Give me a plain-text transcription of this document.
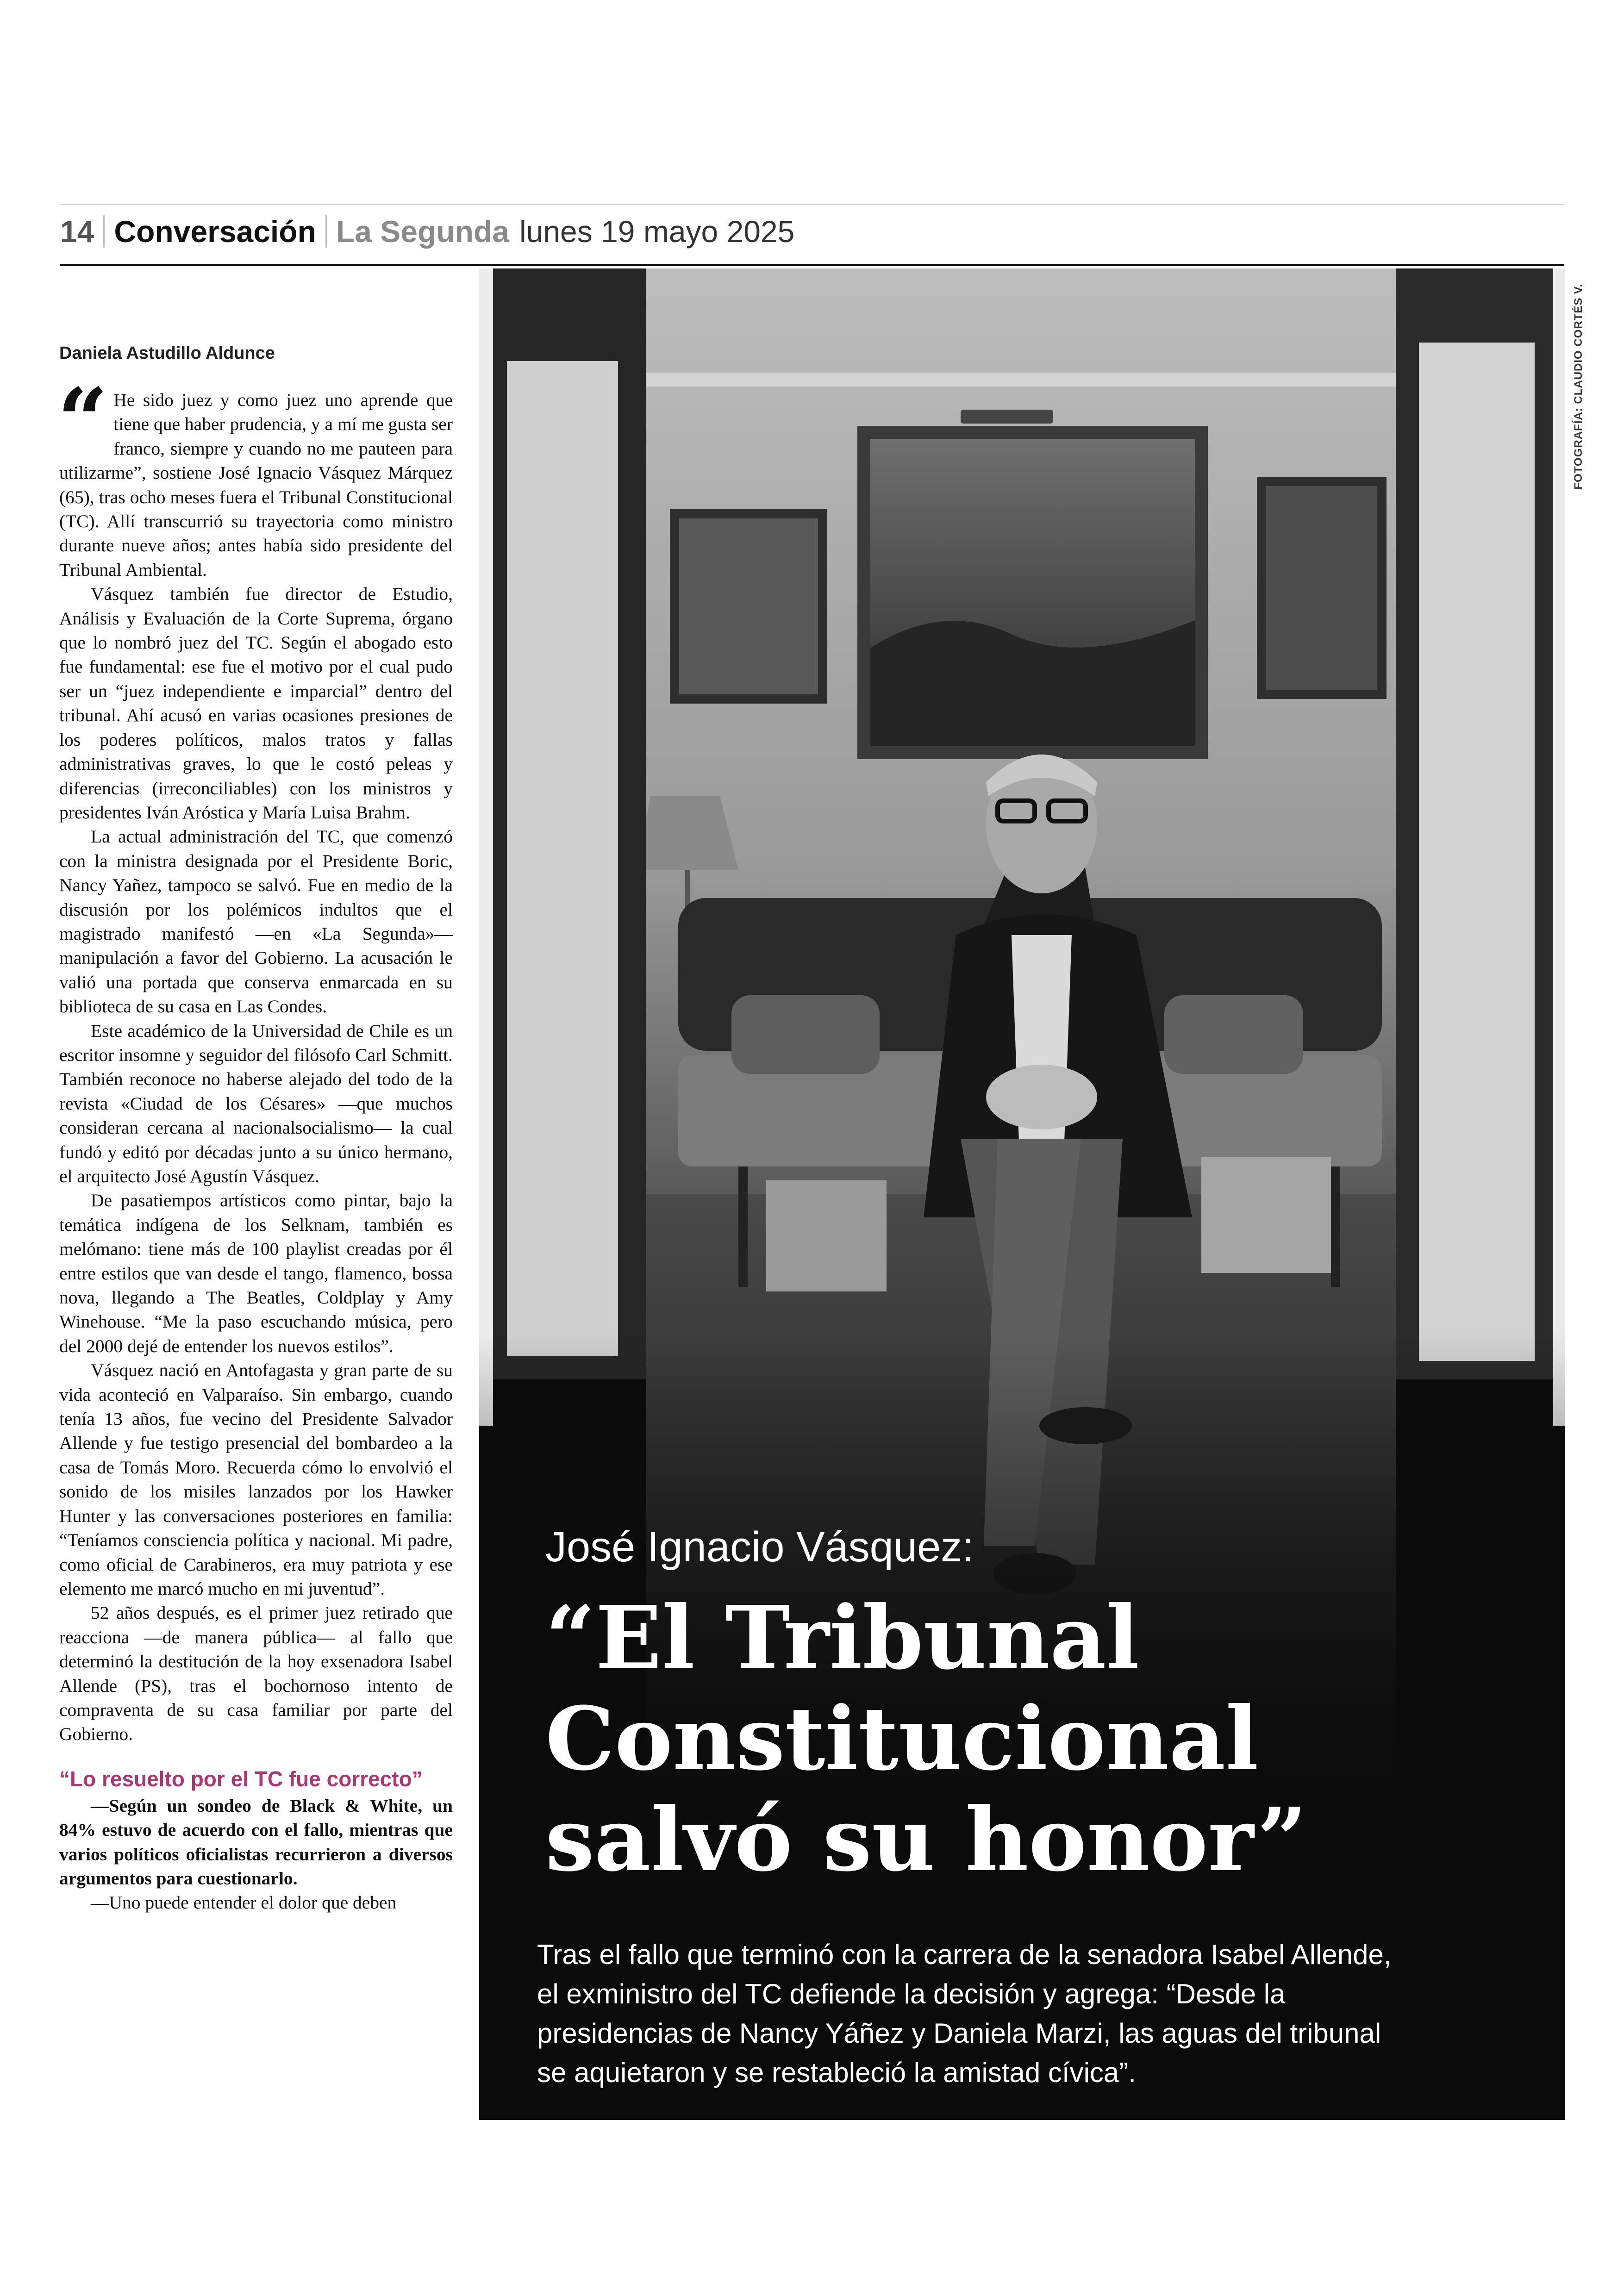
14 Conversación La Segunda lunes 19 mayo 2025
Daniela Astudillo Aldunce

“ He sido juez y como juez uno aprende que tiene que haber prudencia, y a mí me gusta ser franco, siempre y cuando no me pauteen para utilizarme”, sostiene José Ignacio Vásquez Márquez (65), tras ocho meses fuera el Tribunal Constitucional (TC). Allí transcurrió su trayectoria como ministro durante nueve años; antes había sido presidente del Tribunal Ambiental.

Vásquez también fue director de Estudio, Análisis y Evaluación de la Corte Suprema, órgano que lo nombró juez del TC. Según el abogado esto fue fundamental: ese fue el motivo por el cual pudo ser un “juez independiente e imparcial” dentro del tribunal. Ahí acusó en varias ocasiones presiones de los poderes políticos, malos tratos y fallas administrativas graves, lo que le costó peleas y diferencias (irreconciliables) con los ministros y presidentes Iván Aróstica y María Luisa Brahm.

La actual administración del TC, que comenzó con la ministra designada por el Presidente Boric, Nancy Yañez, tampoco se salvó. Fue en medio de la discusión por los polémicos indultos que el magistrado manifestó —en «La Segunda»— manipulación a favor del Gobierno. La acusación le valió una portada que conserva enmarcada en su biblioteca de su casa en Las Condes.

Este académico de la Universidad de Chile es un escritor insomne y seguidor del filósofo Carl Schmitt. También reconoce no haberse alejado del todo de la revista «Ciudad de los Césares» —que muchos consideran cercana al nacionalsocialismo— la cual fundó y editó por décadas junto a su único hermano, el arquitecto José Agustín Vásquez.

De pasatiempos artísticos como pintar, bajo la temática indígena de los Selknam, también es melómano: tiene más de 100 playlist creadas por él entre estilos que van desde el tango, flamenco, bossa nova, llegando a The Beatles, Coldplay y Amy Winehouse. “Me la paso escuchando música, pero del 2000 dejé de entender los nuevos estilos”.

Vásquez nació en Antofagasta y gran parte de su vida aconteció en Valparaíso. Sin embargo, cuando tenía 13 años, fue vecino del Presidente Salvador Allende y fue testigo presencial del bombardeo a la casa de Tomás Moro. Recuerda cómo lo envolvió el sonido de los misiles lanzados por los Hawker Hunter y las conversaciones posteriores en familia: “Teníamos consciencia política y nacional. Mi padre, como oficial de Carabineros, era muy patriota y ese elemento me marcó mucho en mi juventud”.

52 años después, es el primer juez retirado que reacciona —de manera pública— al fallo que determinó la destitución de la hoy exsenadora Isabel Allende (PS), tras el bochornoso intento de compraventa de su casa familiar por parte del Gobierno.

“Lo resuelto por el TC fue correcto”

—Según un sondeo de Black & White, un 84% estuvo de acuerdo con el fallo, mientras que varios políticos oficialistas recurrieron a diversos argumentos para cuestionarlo.

—Uno puede entender el dolor que deben

FOTOGRAFÍA: CLAUDIO CORTÉS V.
José Ignacio Vásquez:
“El Tribunal
Constitucional
salvó su honor”
Tras el fallo que terminó con la carrera de la senadora Isabel Allende, el exministro del TC defiende la decisión y agrega: “Desde la presidencias de Nancy Yáñez y Daniela Marzi, las aguas del tribunal se aquietaron y se restableció la amistad cívica”.
